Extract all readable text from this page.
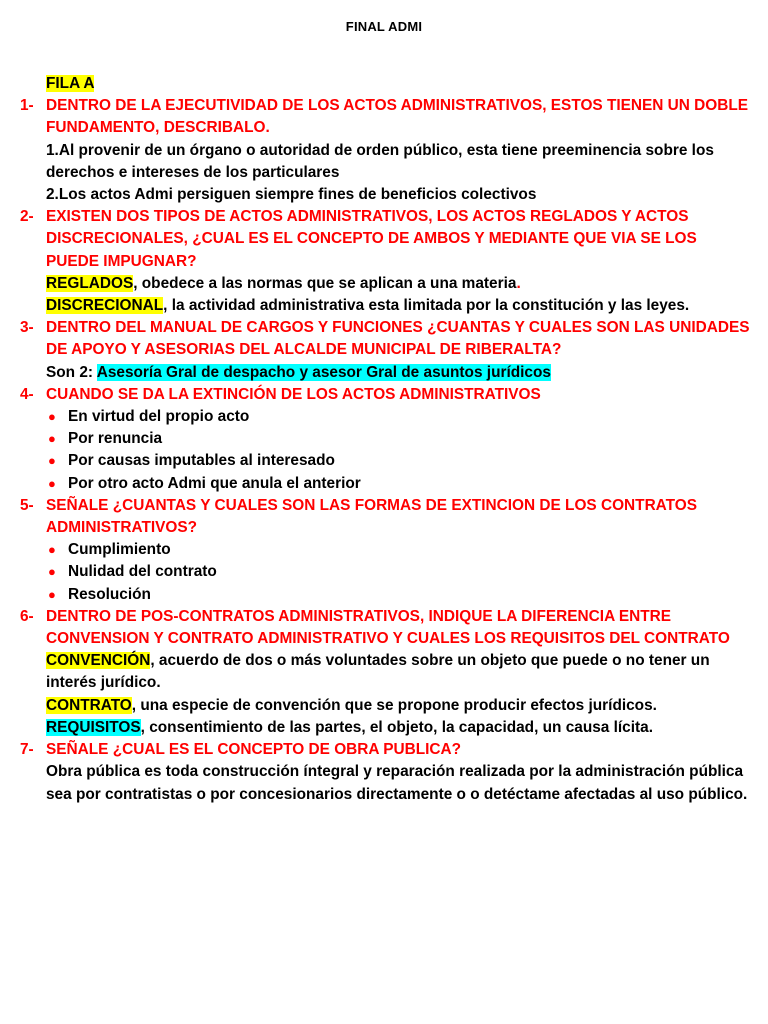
FINAL ADMI
FILA A
1- DENTRO DE LA EJECUTIVIDAD DE LOS ACTOS ADMINISTRATIVOS, ESTOS TIENEN UN DOBLE FUNDAMENTO, DESCRIBALO.
1.Al provenir de un órgano o autoridad de orden público, esta tiene preeminencia sobre los derechos e intereses de los particulares
2.Los actos Admi persiguen siempre fines de beneficios colectivos
2- EXISTEN DOS TIPOS DE ACTOS ADMINISTRATIVOS, LOS ACTOS REGLADOS Y ACTOS DISCRECIONALES, ¿CUAL ES EL CONCEPTO DE AMBOS Y MEDIANTE QUE VIA SE LOS PUEDE IMPUGNAR?
REGLADOS, obedece a las normas que se aplican a una materia.
DISCRECIONAL, la actividad administrativa esta limitada por la constitución y las leyes.
3- DENTRO DEL MANUAL DE CARGOS Y FUNCIONES ¿CUANTAS Y CUALES SON LAS UNIDADES DE APOYO Y ASESORIAS DEL ALCALDE MUNICIPAL DE RIBERALTA?
Son 2: Asesoría Gral de despacho y asesor Gral de asuntos jurídicos
4- CUANDO SE DA LA EXTINCIÓN DE LOS ACTOS ADMINISTRATIVOS
● En virtud del propio acto
● Por renuncia
● Por causas imputables al interesado
● Por otro acto Admi que anula el anterior
5- SEÑALE ¿CUANTAS Y CUALES SON LAS FORMAS DE EXTINCION DE LOS CONTRATOS ADMINISTRATIVOS?
● Cumplimiento
● Nulidad del contrato
● Resolución
6- DENTRO DE POS-CONTRATOS ADMINISTRATIVOS, INDIQUE LA DIFERENCIA ENTRE CONVENSION Y CONTRATO ADMINISTRATIVO Y CUALES LOS REQUISITOS DEL CONTRATO
CONVENCIÓN, acuerdo de dos o más voluntades sobre un objeto que puede o no tener un interés jurídico.
CONTRATO, una especie de convención que se propone producir efectos jurídicos.
REQUISITOS, consentimiento de las partes, el objeto, la capacidad, un causa lícita.
7- SEÑALE ¿CUAL ES EL CONCEPTO DE OBRA PUBLICA?
Obra pública es toda construcción íntegral y reparación realizada por la administración pública sea por contratistas o por concesionarios directamente o o detéctame afectadas al uso público.
